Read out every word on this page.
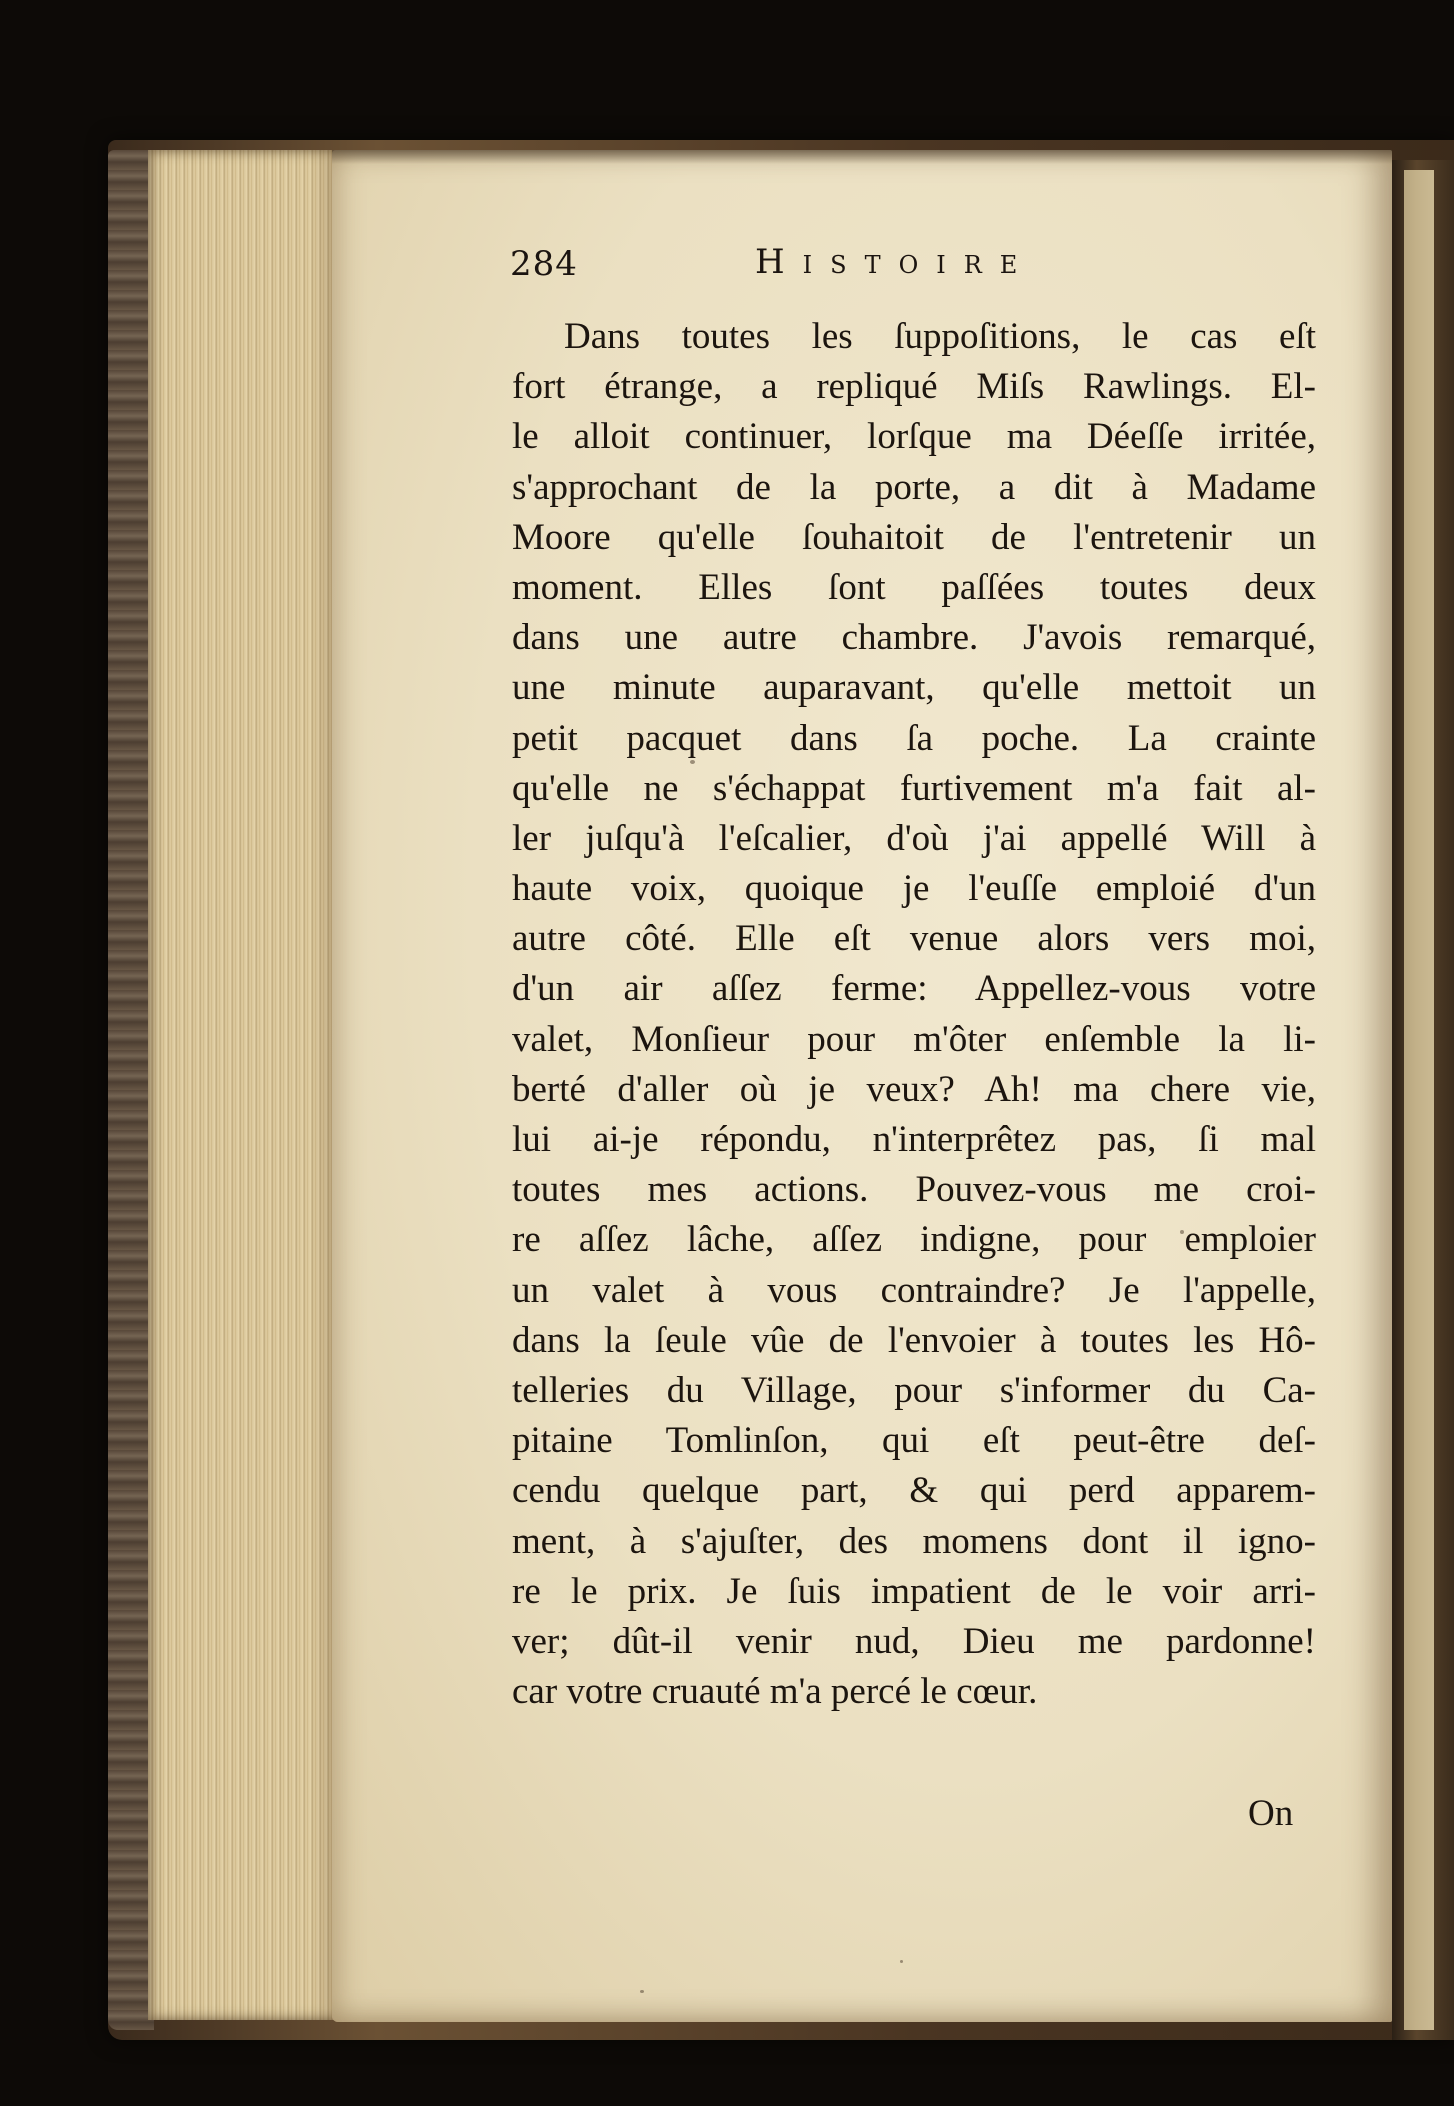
284	Histoire
Dans toutes les ſuppoſitions, le cas eſt
fort étrange, a repliqué Miſs Rawlings. El-
le alloit continuer, lorſque ma Déeſſe irritée,
s'approchant de la porte, a dit à Madame
Moore qu'elle ſouhaitoit de l'entretenir un
moment. Elles ſont paſſées toutes deux
dans une autre chambre. J'avois remarqué,
une minute auparavant, qu'elle mettoit un
petit pacquet dans ſa poche. La crainte
qu'elle ne s'échappat furtivement m'a fait al-
ler juſqu'à l'eſcalier, d'où j'ai appellé Will à
haute voix, quoique je l'euſſe emploié d'un
autre côté. Elle eſt venue alors vers moi,
d'un air aſſez ferme: Appellez-vous votre
valet, Monſieur pour m'ôter enſemble la li-
berté d'aller où je veux? Ah! ma chere vie,
lui ai-je répondu, n'interprêtez pas, ſi mal
toutes mes actions. Pouvez-vous me croi-
re aſſez lâche, aſſez indigne, pour emploier
un valet à vous contraindre? Je l'appelle,
dans la ſeule vûe de l'envoier à toutes les Hô-
telleries du Village, pour s'informer du Ca-
pitaine Tomlinſon, qui eſt peut-être deſ-
cendu quelque part, & qui perd apparem-
ment, à s'ajuſter, des momens dont il igno-
re le prix. Je ſuis impatient de le voir arri-
ver; dût-il venir nud, Dieu me pardonne!
car votre cruauté m'a percé le cœur.
On
